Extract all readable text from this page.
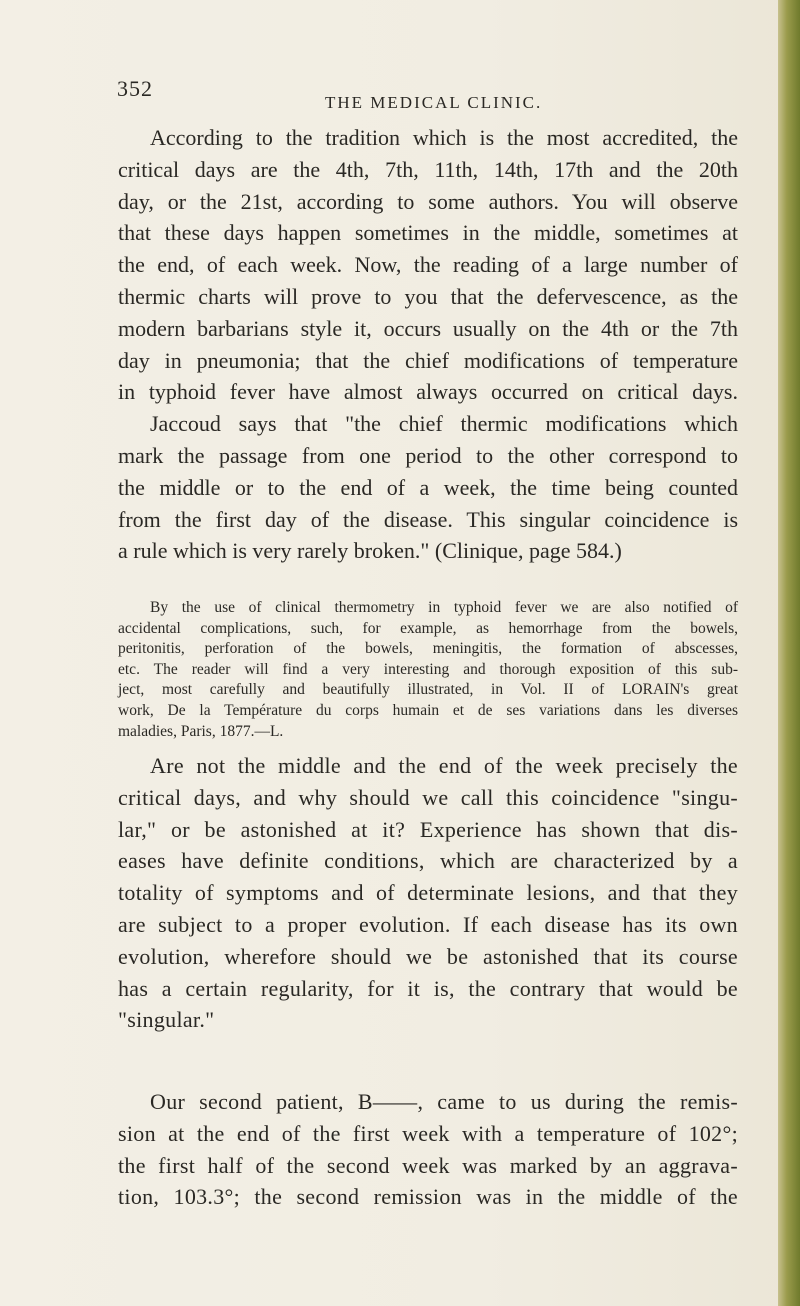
352
THE MEDICAL CLINIC.
According to the tradition which is the most accredited, the
critical days are the 4th, 7th, 11th, 14th, 17th and the 20th
day, or the 21st, according to some authors. You will observe
that these days happen sometimes in the middle, sometimes at
the end, of each week. Now, the reading of a large number of
thermic charts will prove to you that the defervescence, as the
modern barbarians style it, occurs usually on the 4th or the 7th
day in pneumonia; that the chief modifications of temperature
in typhoid fever have almost always occurred on critical days.
Jaccoud says that "the chief thermic modifications which
mark the passage from one period to the other correspond to
the middle or to the end of a week, the time being counted
from the first day of the disease. This singular coincidence is
a rule which is very rarely broken." (Clinique, page 584.)
By the use of clinical thermometry in typhoid fever we are also notified of
accidental complications, such, for example, as hemorrhage from the bowels,
peritonitis, perforation of the bowels, meningitis, the formation of abscesses,
etc. The reader will find a very interesting and thorough exposition of this sub-
ject, most carefully and beautifully illustrated, in Vol. II of LORAIN's great
work, De la Température du corps humain et de ses variations dans les diverses
maladies, Paris, 1877.—L.
Are not the middle and the end of the week precisely the
critical days, and why should we call this coincidence "singu-
lar," or be astonished at it? Experience has shown that dis-
eases have definite conditions, which are characterized by a
totality of symptoms and of determinate lesions, and that they
are subject to a proper evolution. If each disease has its own
evolution, wherefore should we be astonished that its course
has a certain regularity, for it is, the contrary that would be
"singular."
Our second patient, B——, came to us during the remis-
sion at the end of the first week with a temperature of 102°;
the first half of the second week was marked by an aggrava-
tion, 103.3°; the second remission was in the middle of the
